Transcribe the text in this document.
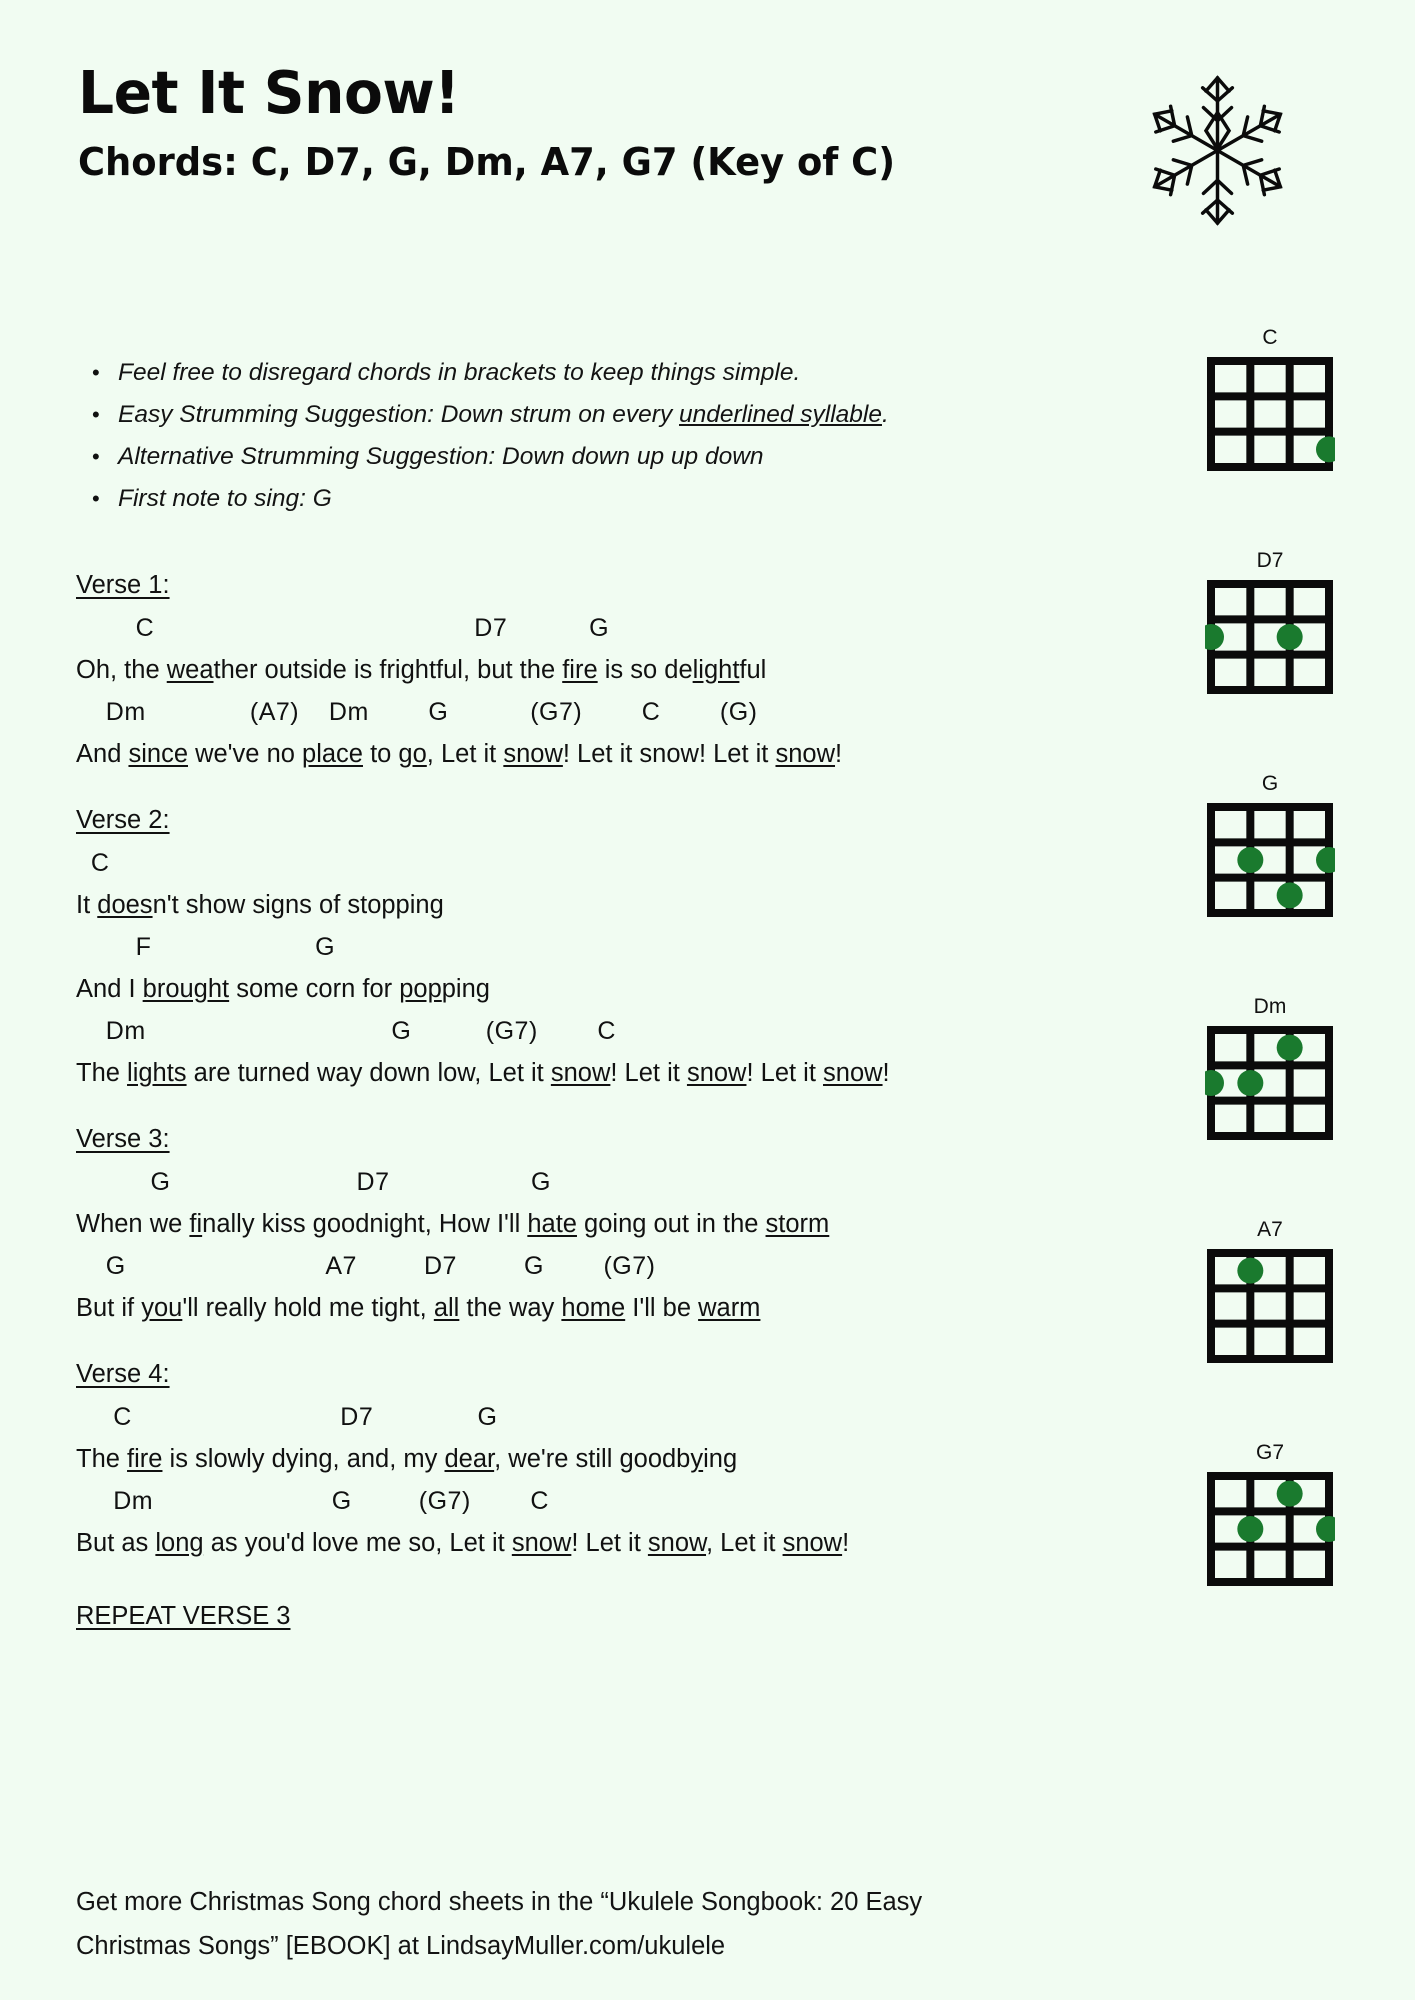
Let It Snow!
Chords: C, D7, G, Dm, A7, G7 (Key of C)
• Feel free to disregard chords in brackets to keep things simple.
• Easy Strumming Suggestion: Down strum on every underlined syllable.
• Alternative Strumming Suggestion: Down down up up down
• First note to sing: G
Verse 1:
C                                           D7           G
Oh, the weather outside is frightful, but the fire is so delightful
Dm              (A7)    Dm        G           (G7)        C        (G)
And since we've no place to go, Let it snow! Let it snow! Let it snow!
Verse 2:
C
It doesn't show signs of stopping
F                      G
And I brought some corn for popping
Dm                                 G          (G7)        C
The lights are turned way down low, Let it snow! Let it snow! Let it snow!
Verse 3:
G                         D7                   G
When we finally kiss goodnight, How I'll hate going out in the storm
G                           A7         D7         G        (G7)
But if you'll really hold me tight, all the way home I'll be warm
Verse 4:
C                            D7              G
The fire is slowly dying, and, my dear, we're still goodbying
Dm                        G         (G7)        C
But as long as you'd love me so, Let it snow! Let it snow, Let it snow!
REPEAT VERSE 3
C
D7
G
Dm
A7
G7
Get more Christmas Song chord sheets in the “Ukulele Songbook: 20 Easy
Christmas Songs” [EBOOK] at LindsayMuller.com/ukulele
